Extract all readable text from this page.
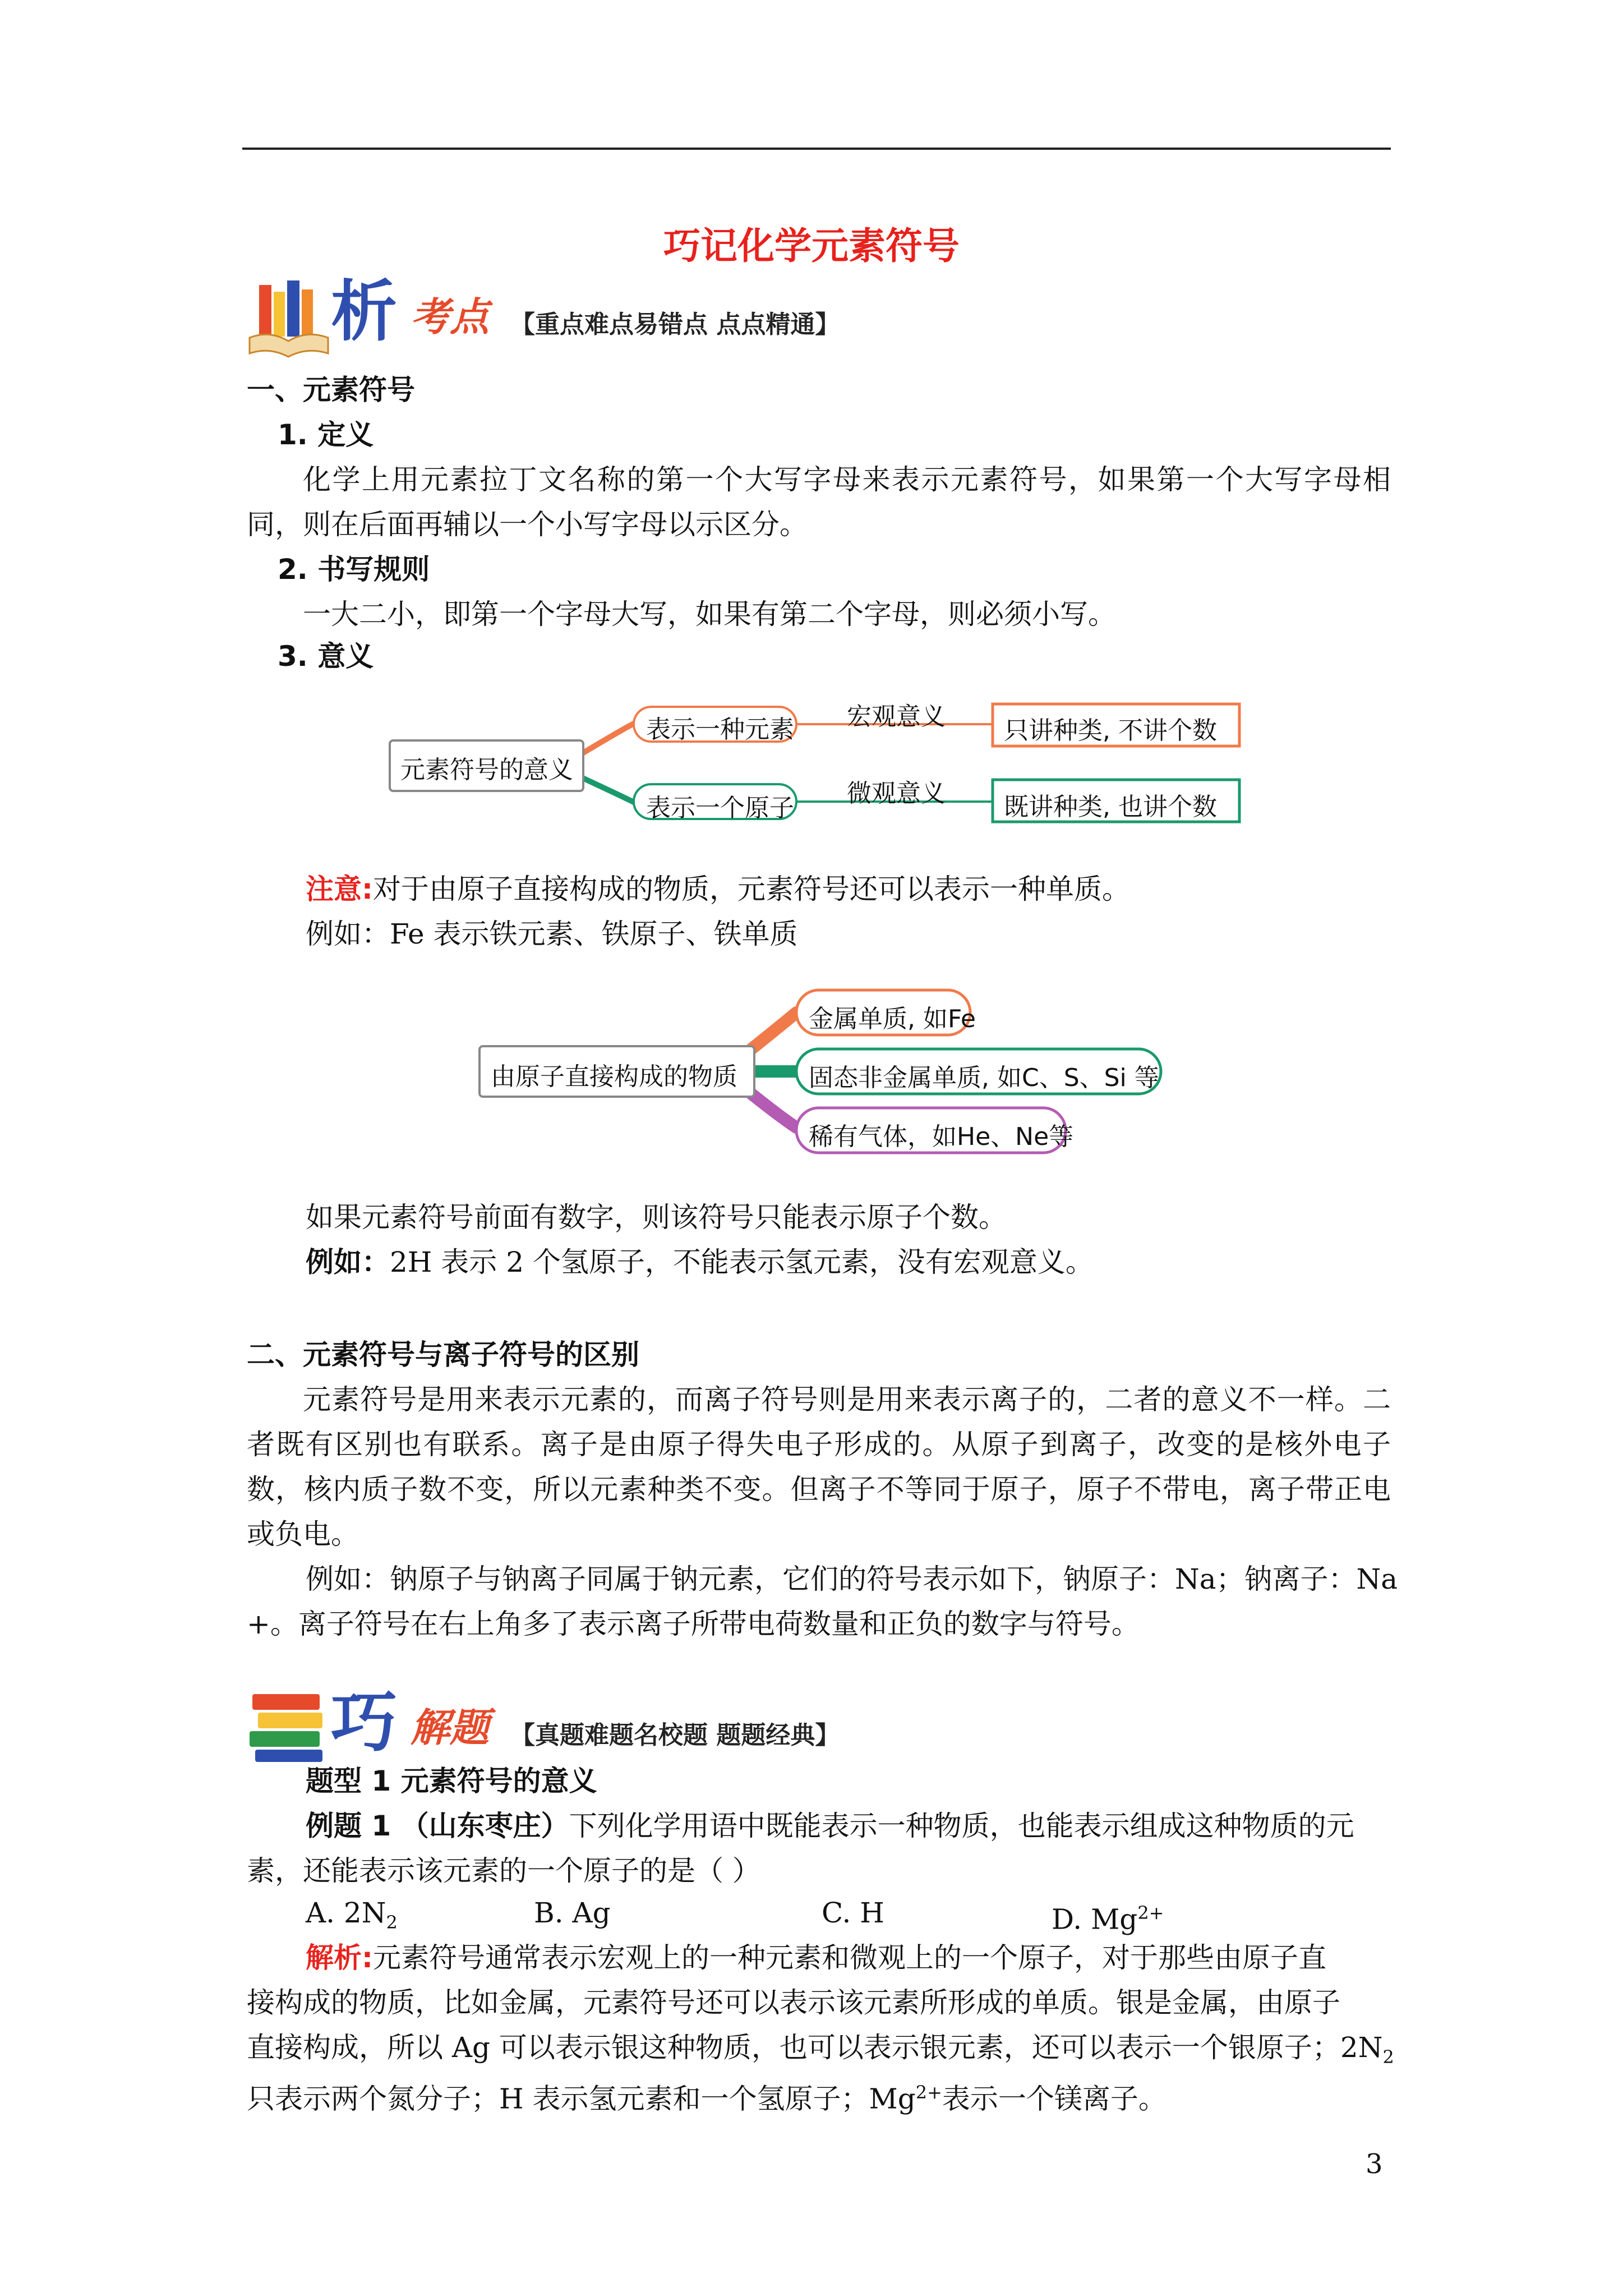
巧记化学元素符号
析 考点 【重点难点易错点 点点精通】
一、元素符号
1. 定义
化学上用元素拉丁文名称的第一个大写字母来表示元素符号，如果第一个大写字母相同，则在后面再辅以一个小写字母以示区分。
2. 书写规则
一大二小，即第一个字母大写，如果有第二个字母，则必须小写。
3. 意义
元素符号的意义
表示一种元素 宏观意义 只讲种类, 不讲个数
表示一个原子
微观意义 既讲种类, 也讲个数
注意:对于由原子直接构成的物质，元素符号还可以表示一种单质。
例如：Fe 表示铁元素、铁原子、铁单质
由原子直接构成的物质
金属单质, 如Fe
固态非金属单质, 如C、S、Si 等
稀有气体，如He、Ne等
如果元素符号前面有数字，则该符号只能表示原子个数。
例如：2H 表示 2 个氢原子，不能表示氢元素，没有宏观意义。
二、元素符号与离子符号的区别
元素符号是用来表示元素的，而离子符号则是用来表示离子的，二者的意义不一样。二者既有区别也有联系。离子是由原子得失电子形成的。从原子到离子，改变的是核外电子数，核内质子数不变，所以元素种类不变。但离子不等同于原子，原子不带电，离子带正电或负电。
例如：钠原子与钠离子同属于钠元素，它们的符号表示如下，钠原子：Na；钠离子：Na
+。离子符号在右上角多了表示离子所带电荷数量和正负的数字与符号。
巧 解题 【真题难题名校题 题题经典】
题型 1 元素符号的意义
例题 1 （山东枣庄）下列化学用语中既能表示一种物质，也能表示组成这种物质的元
素，还能表示该元素的一个原子的是（ ）
A. $2N_2$	B. Ag	C. H	D. $Mg^{2+}$
解析:元素符号通常表示宏观上的一种元素和微观上的一个原子，对于那些由原子直
接构成的物质，比如金属，元素符号还可以表示该元素所形成的单质。银是金属，由原子
直接构成，所以 Ag 可以表示银这种物质，也可以表示银元素，还可以表示一个银原子；$2N_2$
只表示两个氮分子；H 表示氢元素和一个氢原子；$Mg^{2+}$表示一个镁离子。
3
